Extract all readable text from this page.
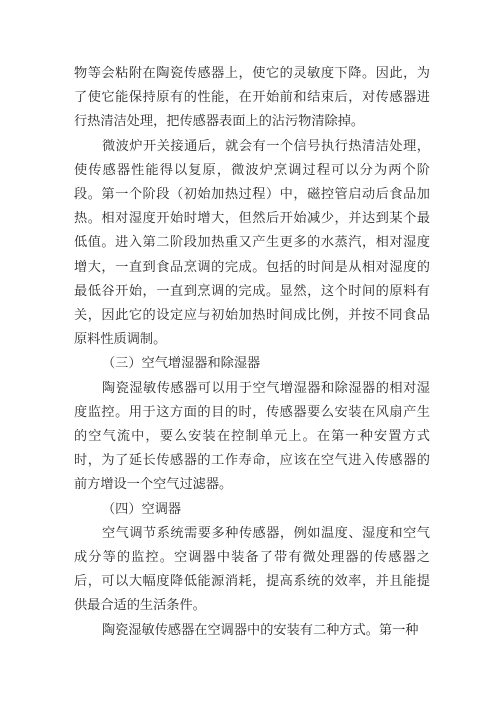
物等会粘附在陶瓷传感器上，使它的灵敏度下降。因此，为了使它能保持原有的性能，在开始前和结束后，对传感器进行热清洁处理，把传感器表面上的沾污物清除掉。

微波炉开关接通后，就会有一个信号执行热清洁处理，使传感器性能得以复原，微波炉烹调过程可以分为两个阶段。第一个阶段（初始加热过程）中，磁控管启动后食品加热。相对湿度开始时增大，但然后开始减少，并达到某个最低值。进入第二阶段加热重又产生更多的水蒸汽，相对湿度增大，一直到食品烹调的完成。包括的时间是从相对湿度的最低谷开始，一直到烹调的完成。显然，这个时间的原料有关，因此它的设定应与初始加热时间成比例，并按不同食品原料性质调制。

（三）空气增湿器和除湿器

陶瓷湿敏传感器可以用于空气增湿器和除湿器的相对湿度监控。用于这方面的目的时，传感器要么安装在风扇产生的空气流中，要么安装在控制单元上。在第一种安置方式时，为了延长传感器的工作寿命，应该在空气进入传感器的前方增设一个空气过滤器。

（四）空调器

空气调节系统需要多种传感器，例如温度、湿度和空气成分等的监控。空调器中装备了带有微处理器的传感器之后，可以大幅度降低能源消耗，提高系统的效率，并且能提供最合适的生活条件。

陶瓷湿敏传感器在空调器中的安装有二种方式。第一种
